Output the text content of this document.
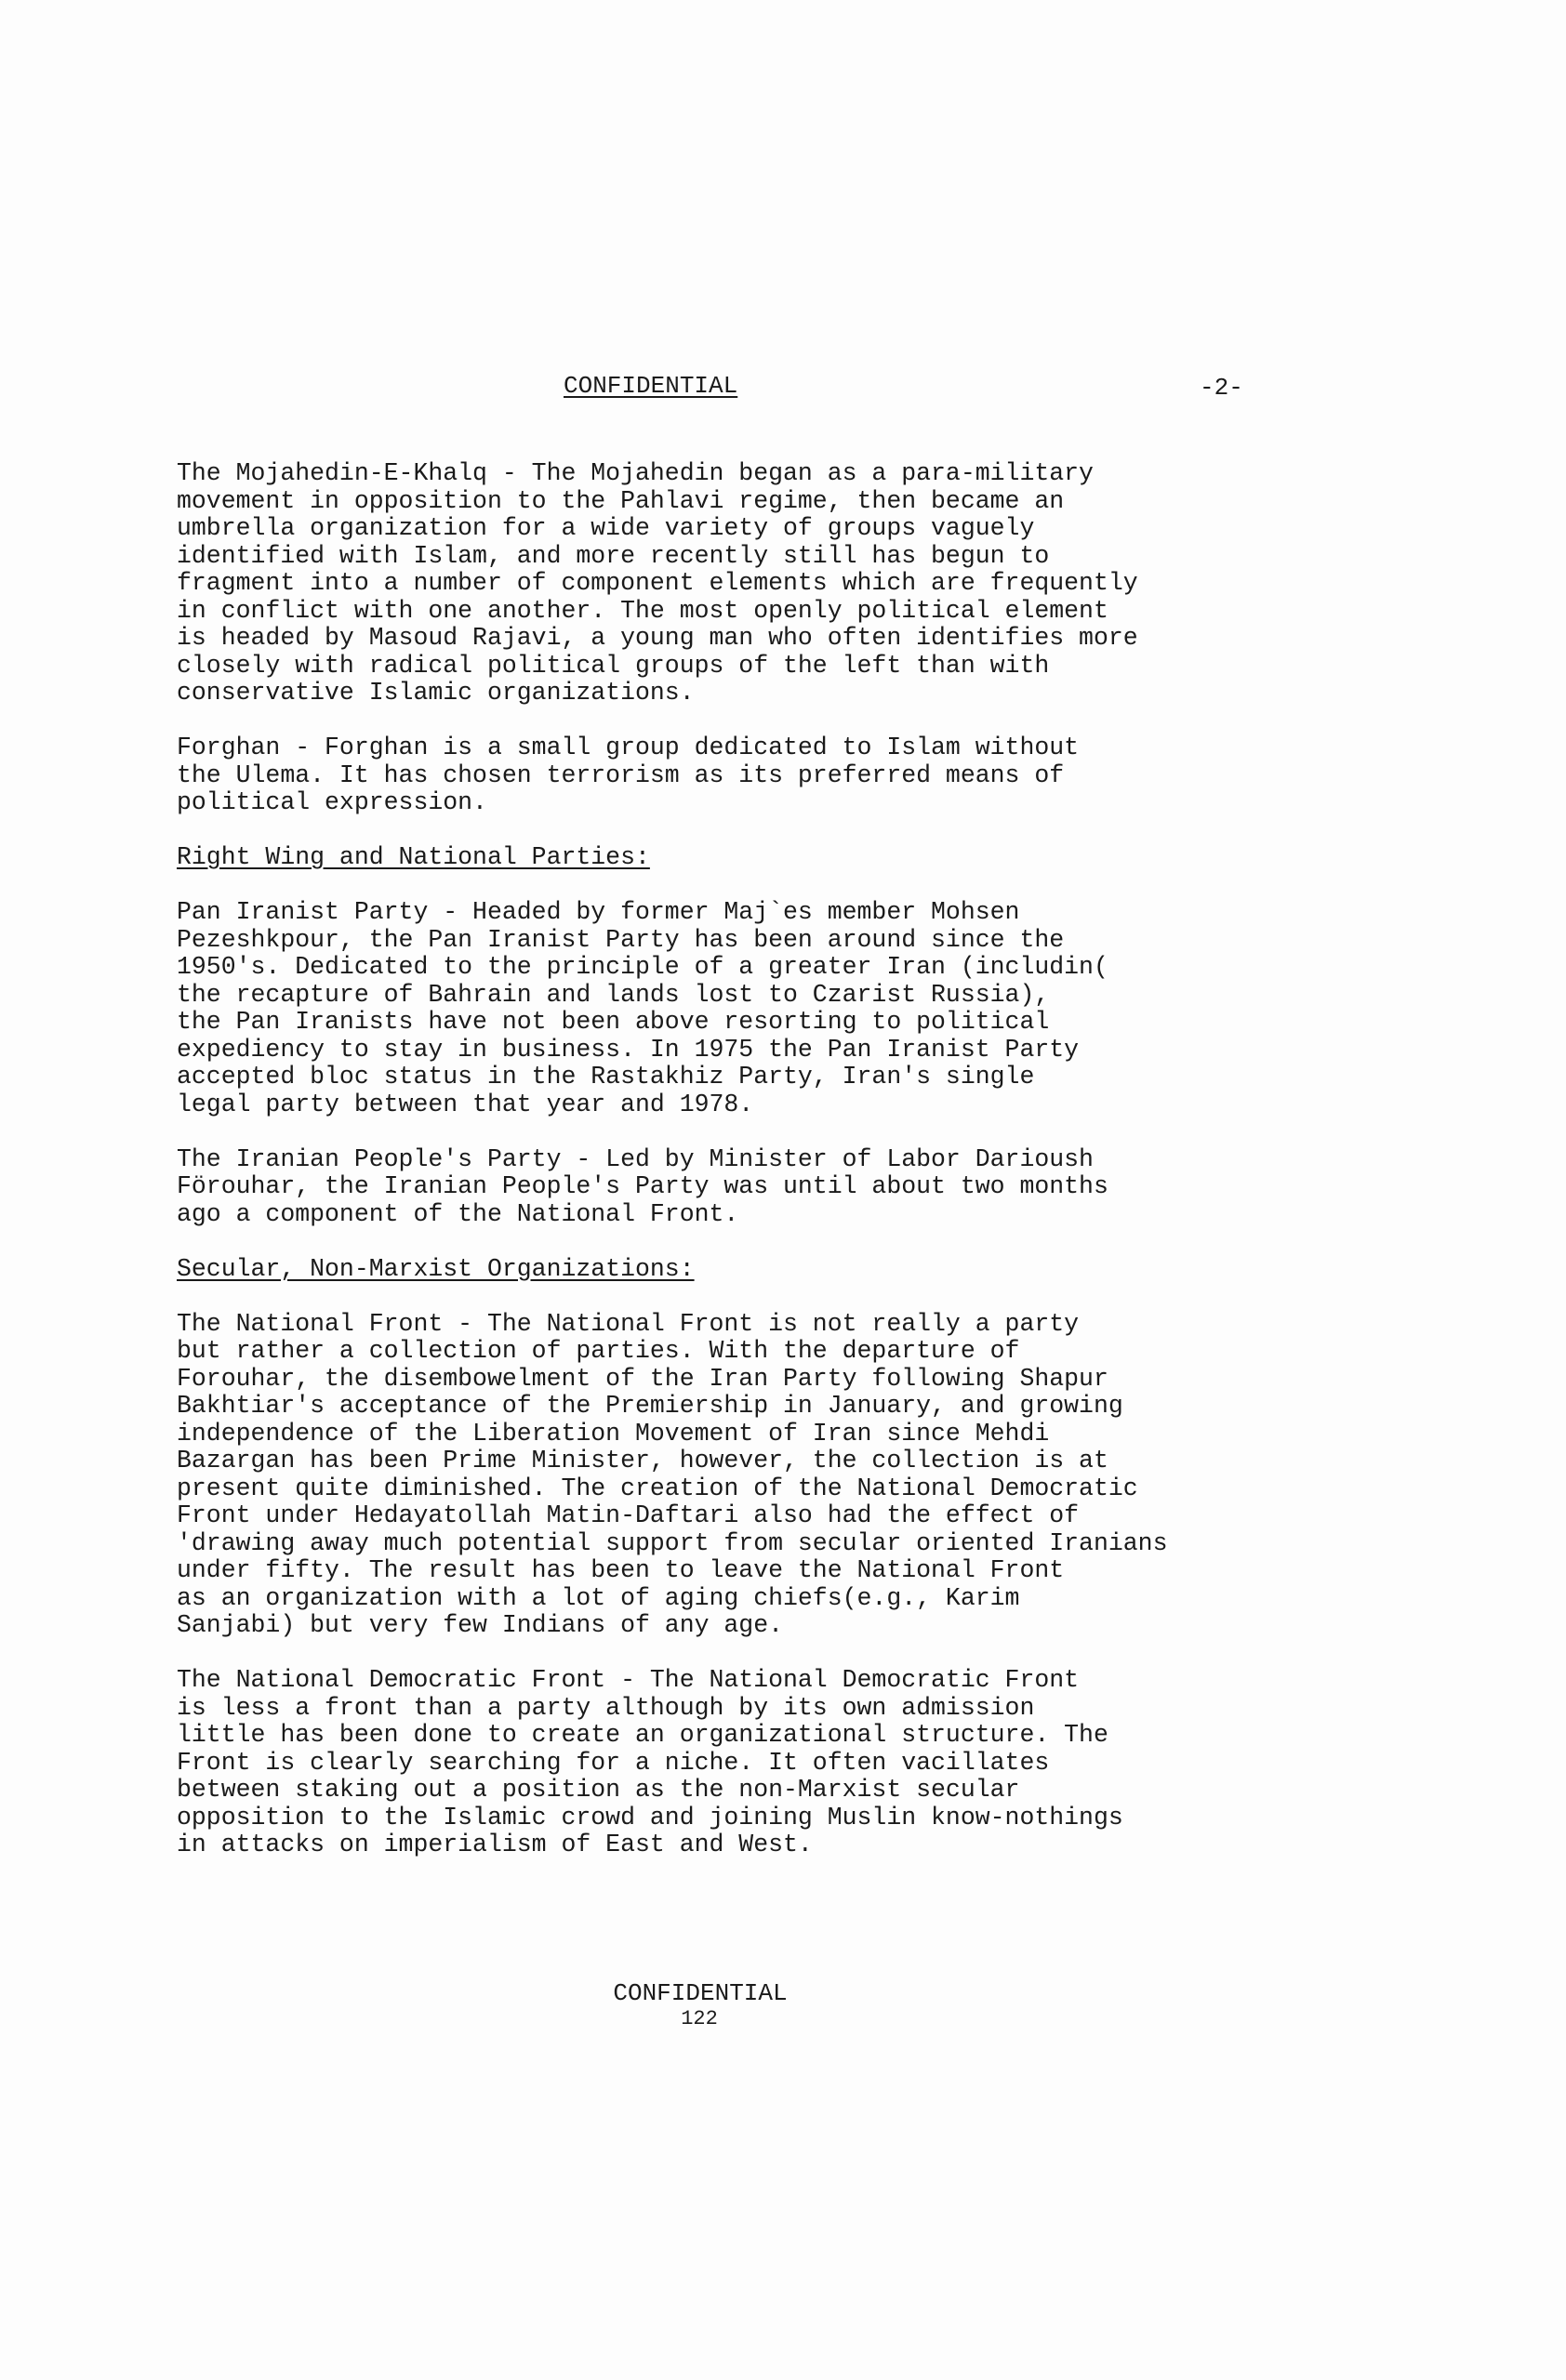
CONFIDENTIAL	-2-

The Mojahedin-E-Khalq - The Mojahedin began as a para-military
movement in opposition to the Pahlavi regime, then became an
umbrella organization for a wide variety of groups vaguely
identified with Islam, and more recently still has begun to
fragment into a number of component elements which are frequently
in conflict with one another. The most openly political element
is headed by Masoud Rajavi, a young man who often identifies more
closely with radical political groups of the left than with
conservative Islamic organizations.

Forghan - Forghan is a small group dedicated to Islam without
the Ulema. It has chosen terrorism as its preferred means of
political expression.

Right Wing and National Parties:

Pan Iranist Party - Headed by former Maj`es member Mohsen
Pezeshkpour, the Pan Iranist Party has been around since the
1950's. Dedicated to the principle of a greater Iran (includin(
the recapture of Bahrain and lands lost to Czarist Russia),
the Pan Iranists have not been above resorting to political
expediency to stay in business. In 1975 the Pan Iranist Party
accepted bloc status in the Rastakhiz Party, Iran's single
legal party between that year and 1978.

The Iranian People's Party - Led by Minister of Labor Darioush
Förouhar, the Iranian People's Party was until about two months
ago a component of the National Front.

Secular, Non-Marxist Organizations:

The National Front - The National Front is not really a party
but rather a collection of parties. With the departure of
Forouhar, the disembowelment of the Iran Party following Shapur
Bakhtiar's acceptance of the Premiership in January, and growing
independence of the Liberation Movement of Iran since Mehdi
Bazargan has been Prime Minister, however, the collection is at
present quite diminished. The creation of the National Democratic
Front under Hedayatollah Matin-Daftari also had the effect of
'drawing away much potential support from secular oriented Iranians
under fifty. The result has been to leave the National Front
as an organization with a lot of aging chiefs(e.g., Karim
Sanjabi) but very few Indians of any age.

The National Democratic Front - The National Democratic Front
is less a front than a party although by its own admission
little has been done to create an organizational structure. The
Front is clearly searching for a niche. It often vacillates
between staking out a position as the non-Marxist secular
opposition to the Islamic crowd and joining Muslin know-nothings
in attacks on imperialism of East and West.

CONFIDENTIAL
122
